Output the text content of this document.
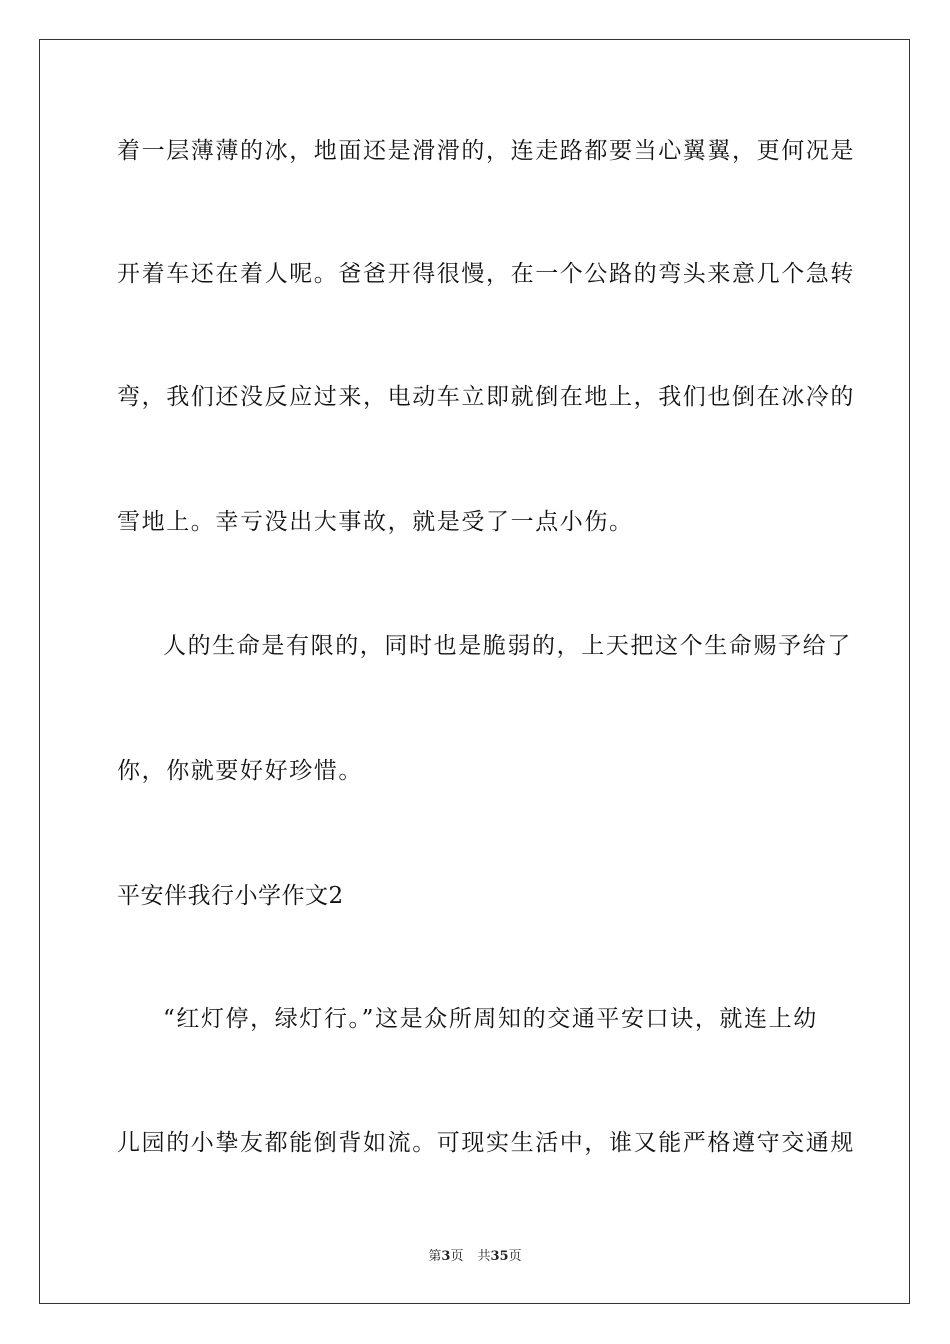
着一层薄薄的冰，地面还是滑滑的，连走路都要当心翼翼，更何况是
开着车还在着人呢。爸爸开得很慢，在一个公路的弯头来意几个急转
弯，我们还没反应过来，电动车立即就倒在地上，我们也倒在冰冷的
雪地上。幸亏没出大事故，就是受了一点小伤。
人的生命是有限的，同时也是脆弱的，上天把这个生命赐予给了
你，你就要好好珍惜。
平安伴我行小学作文2
“红灯停，绿灯行。”这是众所周知的交通平安口诀，就连上幼
儿园的小挚友都能倒背如流。可现实生活中，谁又能严格遵守交通规
第3页 共35页
